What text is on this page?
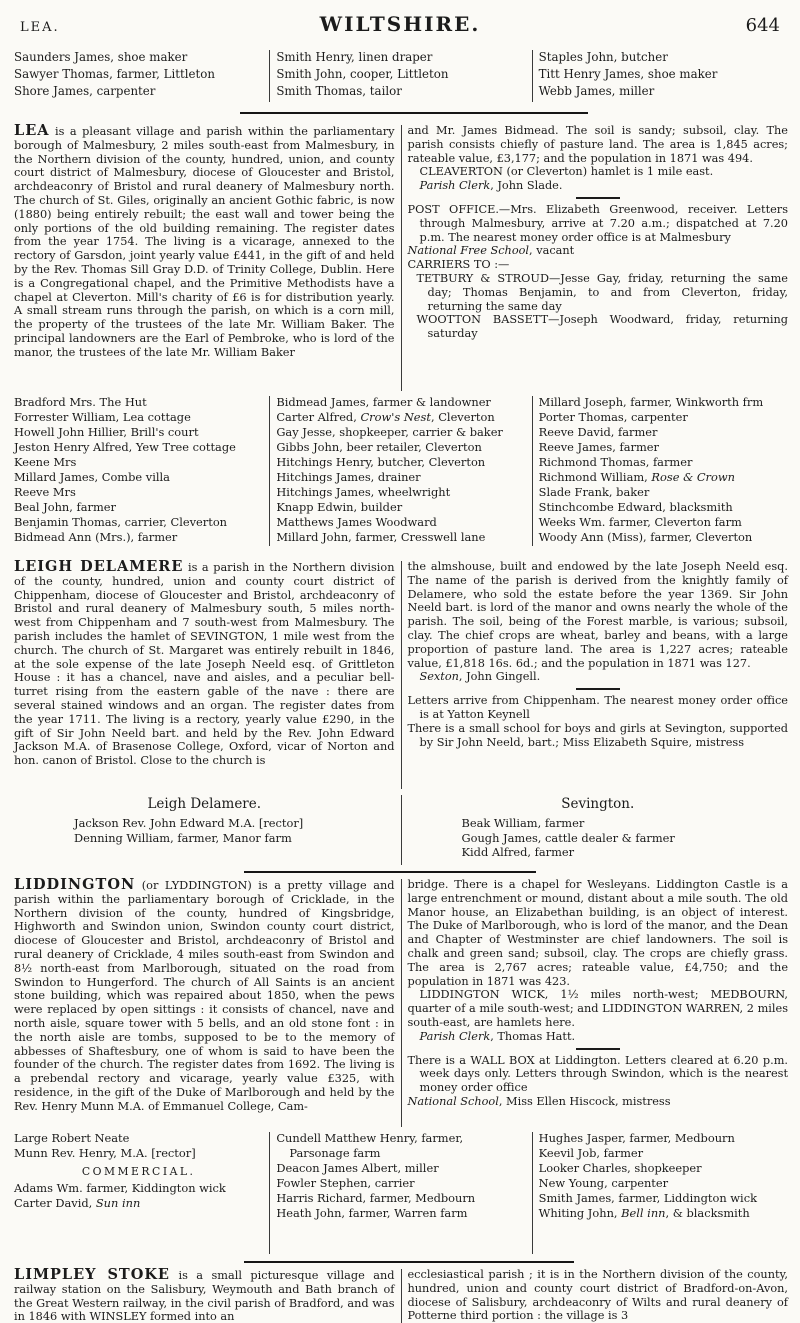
LEA.	WILTSHIRE.	644
Saunders James, shoe maker
Sawyer Thomas, farmer, Littleton
Shore James, carpenter
Smith Henry, linen draper
Smith John, cooper, Littleton
Smith Thomas, tailor
Staples John, butcher
Titt Henry James, shoe maker
Webb James, miller

LEA is a pleasant village and parish within the parliamentary borough of Malmesbury, 2 miles south-east from Malmesbury, in the Northern division of the county, hundred, union, and county court district of Malmesbury, diocese of Gloucester and Bristol, archdeaconry of Bristol and rural deanery of Malmesbury north. The church of St. Giles, originally an ancient Gothic fabric, is now (1880) being entirely rebuilt; the east wall and tower being the only portions of the old building remaining. The register dates from the year 1754. The living is a vicarage, annexed to the rectory of Garsdon, joint yearly value £441, in the gift of and held by the Rev. Thomas Sill Gray D.D. of Trinity College, Dublin. Here is a Congregational chapel, and the Primitive Methodists have a chapel at Cleverton. Mill's charity of £6 is for distribution yearly. A small stream runs through the parish, on which is a corn mill, the property of the trustees of the late Mr. William Baker. The principal landowners are the Earl of Pembroke, who is lord of the manor, the trustees of the late Mr. William Baker

and Mr. James Bidmead. The soil is sandy; subsoil, clay. The parish consists chiefly of pasture land. The area is 1,845 acres; rateable value, £3,177; and the population in 1871 was 494.

CLEAVERTON (or Cleverton) hamlet is 1 mile east.

Parish Clerk, John Slade.

POST OFFICE.—Mrs. Elizabeth Greenwood, receiver. Letters through Malmesbury, arrive at 7.20 a.m.; dispatched at 7.20 p.m. The nearest money order office is at Malmesbury

National Free School, vacant

CARRIERS TO :—

TETBURY & STROUD—Jesse Gay, friday, returning the same day; Thomas Benjamin, to and from Cleverton, friday, returning the same day

WOOTTON BASSETT—Joseph Woodward, friday, returning saturday

Bradford Mrs. The Hut
Forrester William, Lea cottage
Howell John Hillier, Brill's court
Jeston Henry Alfred, Yew Tree cottage
Keene Mrs
Millard James, Combe villa
Reeve Mrs
Beal John, farmer
Benjamin Thomas, carrier, Cleverton
Bidmead Ann (Mrs.), farmer
Bidmead James, farmer & landowner
Carter Alfred, Crow's Nest, Cleverton
Gay Jesse, shopkeeper, carrier & baker
Gibbs John, beer retailer, Cleverton
Hitchings Henry, butcher, Cleverton
Hitchings James, drainer
Hitchings James, wheelwright
Knapp Edwin, builder
Matthews James Woodward
Millard John, farmer, Cresswell lane
Millard Joseph, farmer, Winkworth frm
Porter Thomas, carpenter
Reeve David, farmer
Reeve James, farmer
Richmond Thomas, farmer
Richmond William, Rose & Crown
Slade Frank, baker
Stinchcombe Edward, blacksmith
Weeks Wm. farmer, Cleverton farm
Woody Ann (Miss), farmer, Cleverton

LEIGH DELAMERE is a parish in the Northern division of the county, hundred, union and county court district of Chippenham, diocese of Gloucester and Bristol, archdeaconry of Bristol and rural deanery of Malmesbury south, 5 miles north-west from Chippenham and 7 south-west from Malmesbury. The parish includes the hamlet of SEVINGTON, 1 mile west from the church. The church of St. Margaret was entirely rebuilt in 1846, at the sole expense of the late Joseph Neeld esq. of Grittleton House : it has a chancel, nave and aisles, and a peculiar bell-turret rising from the eastern gable of the nave : there are several stained windows and an organ. The register dates from the year 1711. The living is a rectory, yearly value £290, in the gift of Sir John Neeld bart. and held by the Rev. John Edward Jackson M.A. of Brasenose College, Oxford, vicar of Norton and hon. canon of Bristol. Close to the church is

the almshouse, built and endowed by the late Joseph Neeld esq. The name of the parish is derived from the knightly family of Delamere, who sold the estate before the year 1369. Sir John Neeld bart. is lord of the manor and owns nearly the whole of the parish. The soil, being of the Forest marble, is various; subsoil, clay. The chief crops are wheat, barley and beans, with a large proportion of pasture land. The area is 1,227 acres; rateable value, £1,818 16s. 6d.; and the population in 1871 was 127.

Sexton, John Gingell.

Letters arrive from Chippenham. The nearest money order office is at Yatton Keynell

There is a small school for boys and girls at Sevington, supported by Sir John Neeld, bart.; Miss Elizabeth Squire, mistress

Leigh Delamere.
Jackson Rev. John Edward M.A. [rector]
Denning William, farmer, Manor farm
Sevington.
Beak William, farmer
Gough James, cattle dealer & farmer
Kidd Alfred, farmer

LIDDINGTON (or LYDDINGTON) is a pretty village and parish within the parliamentary borough of Cricklade, in the Northern division of the county, hundred of Kingsbridge, Highworth and Swindon union, Swindon county court district, diocese of Gloucester and Bristol, archdeaconry of Bristol and rural deanery of Cricklade, 4 miles south-east from Swindon and 8½ north-east from Marlborough, situated on the road from Swindon to Hungerford. The church of All Saints is an ancient stone building, which was repaired about 1850, when the pews were replaced by open sittings : it consists of chancel, nave and north aisle, square tower with 5 bells, and an old stone font : in the north aisle are tombs, supposed to be to the memory of abbesses of Shaftesbury, one of whom is said to have been the founder of the church. The register dates from 1692. The living is a prebendal rectory and vicarage, yearly value £325, with residence, in the gift of the Duke of Marlborough and held by the Rev. Henry Munn M.A. of Emmanuel College, Cam-

bridge. There is a chapel for Wesleyans. Liddington Castle is a large entrenchment or mound, distant about a mile south. The old Manor house, an Elizabethan building, is an object of interest. The Duke of Marlborough, who is lord of the manor, and the Dean and Chapter of Westminster are chief landowners. The soil is chalk and green sand; subsoil, clay. The crops are chiefly grass. The area is 2,767 acres; rateable value, £4,750; and the population in 1871 was 423.

LIDDINGTON WICK, 1½ miles north-west; MEDBOURN, quarter of a mile south-west; and LIDDINGTON WARREN, 2 miles south-east, are hamlets here.

Parish Clerk, Thomas Hatt.

There is a WALL BOX at Liddington. Letters cleared at 6.20 p.m. week days only. Letters through Swindon, which is the nearest money order office

National School, Miss Ellen Hiscock, mistress

Large Robert Neate
Munn Rev. Henry, M.A. [rector]
COMMERCIAL.
Adams Wm. farmer, Kiddington wick
Carter David, Sun inn
Cundell Matthew Henry, farmer, Parsonage farm
Deacon James Albert, miller
Fowler Stephen, carrier
Harris Richard, farmer, Medbourn
Heath John, farmer, Warren farm
Hughes Jasper, farmer, Medbourn
Keevil Job, farmer
Looker Charles, shopkeeper
New Young, carpenter
Smith James, farmer, Liddington wick
Whiting John, Bell inn, & blacksmith

LIMPLEY STOKE is a small picturesque village and railway station on the Salisbury, Weymouth and Bath branch of the Great Western railway, in the civil parish of Bradford, and was in 1846 with WINSLEY formed into an

ecclesiastical parish ; it is in the Northern division of the county, hundred, union and county court district of Bradford-on-Avon, diocese of Salisbury, archdeaconry of Wilts and rural deanery of Potterne third portion : the village is 3
